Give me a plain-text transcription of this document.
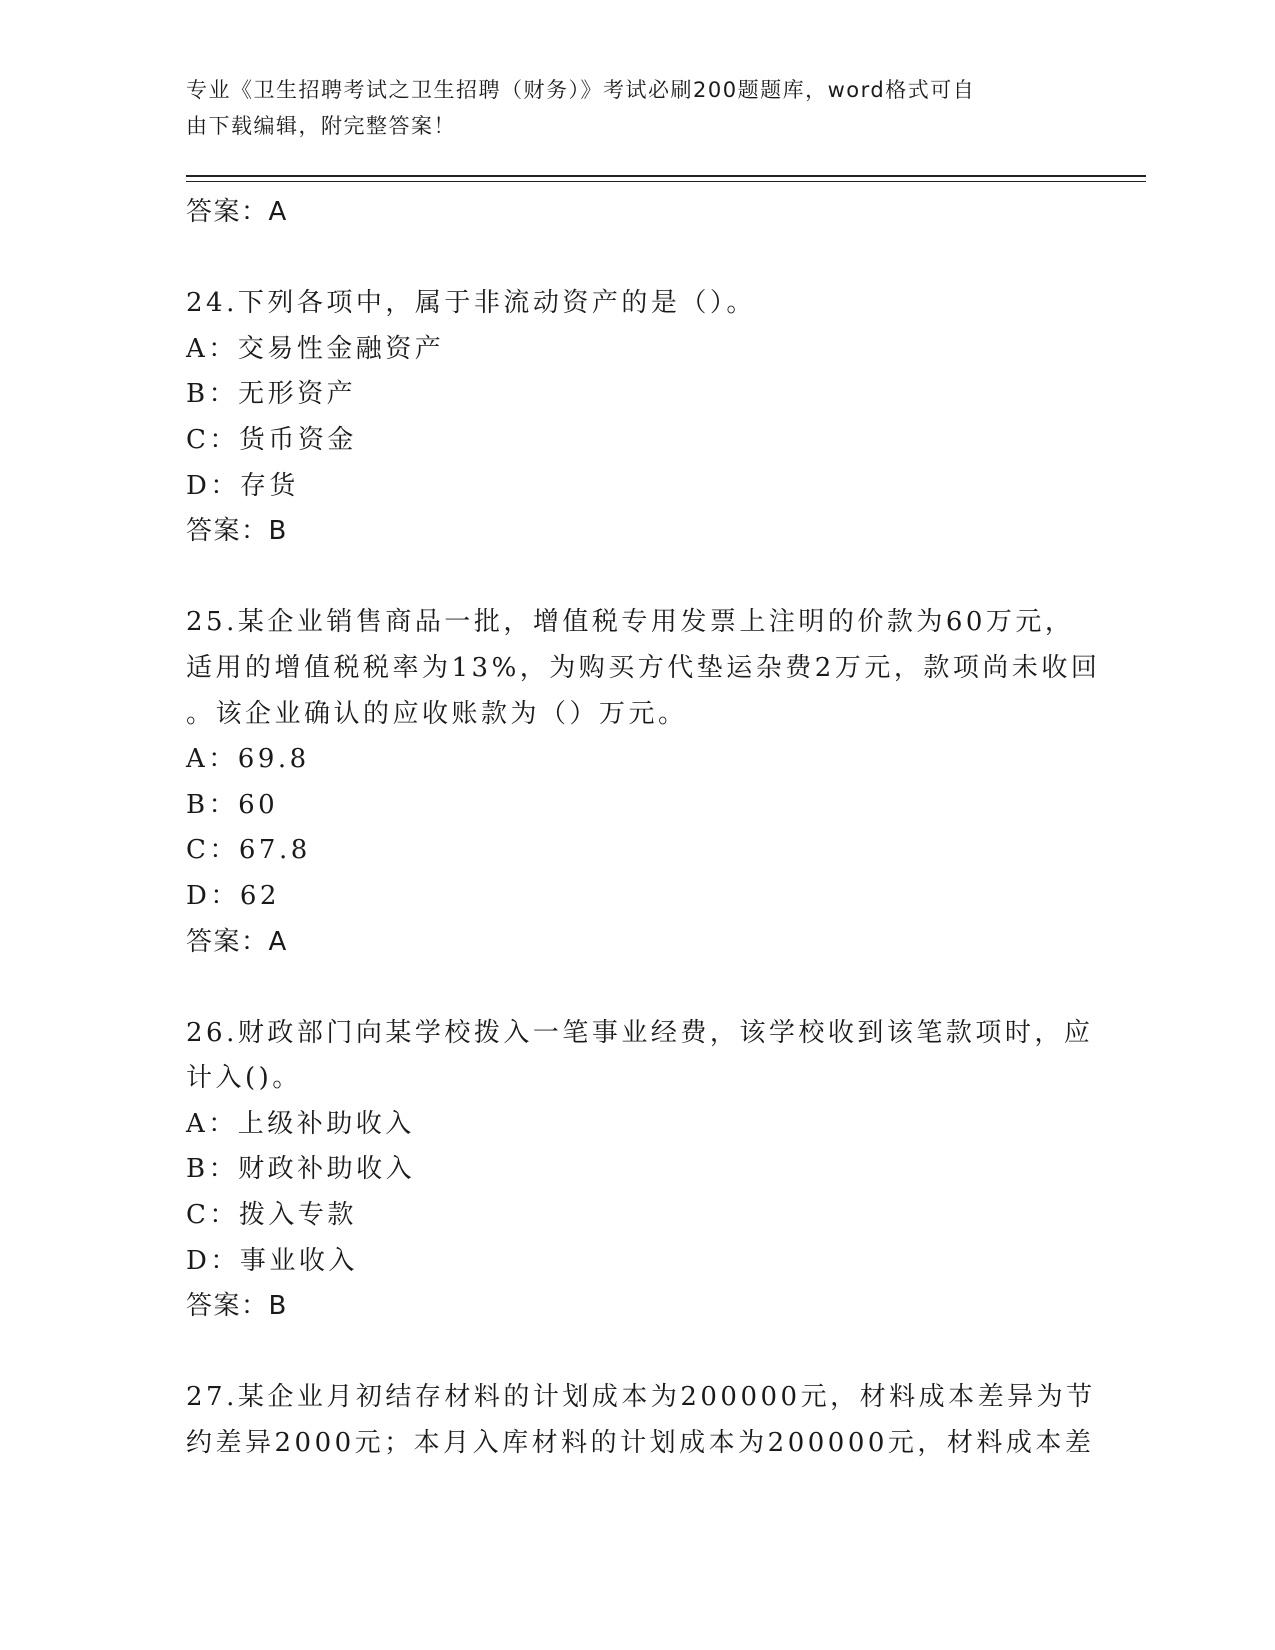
专业《卫生招聘考试之卫生招聘（财务）》考试必刷200题题库，word格式可自
由下载编辑，附完整答案！
答案：A
24.下列各项中，属于非流动资产的是（）。
A：交易性金融资产
B：无形资产
C：货币资金
D：存货
答案：B
25.某企业销售商品一批，增值税专用发票上注明的价款为60万元，
适用的增值税税率为13%，为购买方代垫运杂费2万元，款项尚未收回
。该企业确认的应收账款为（）万元。
A：69.8
B：60
C：67.8
D：62
答案：A
26.财政部门向某学校拨入一笔事业经费，该学校收到该笔款项时，应
计入()。
A：上级补助收入
B：财政补助收入
C：拨入专款
D：事业收入
答案：B
27.某企业月初结存材料的计划成本为200000元，材料成本差异为节
约差异2000元；本月入库材料的计划成本为200000元，材料成本差
